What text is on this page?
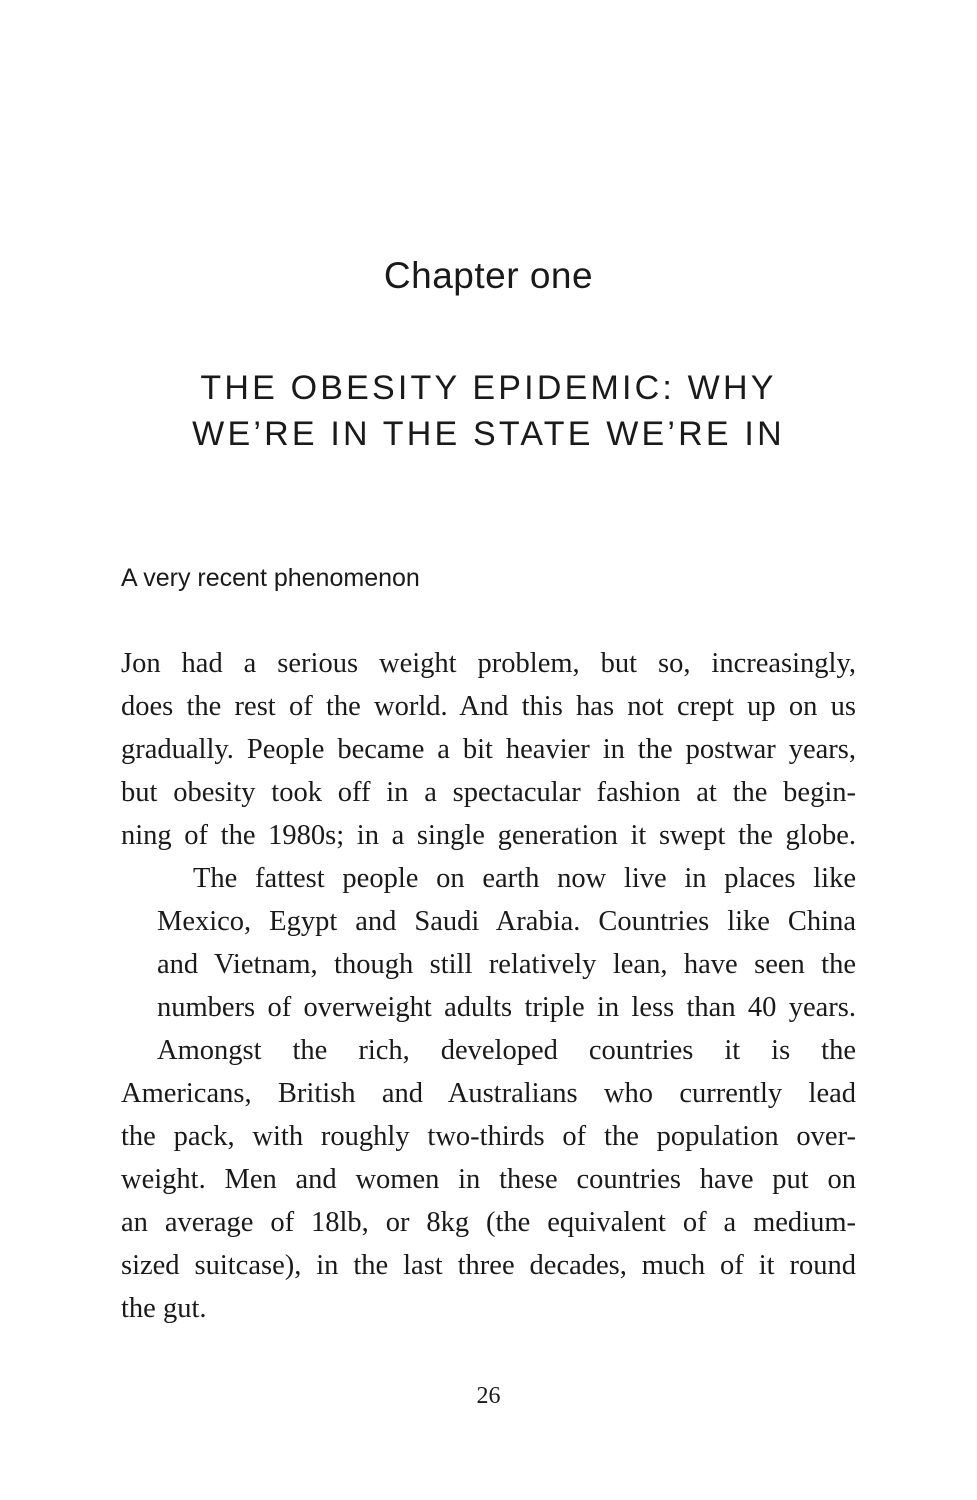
Chapter one
THE OBESITY EPIDEMIC: WHY
WE’RE IN THE STATE WE’RE IN
A very recent phenomenon
Jon had a serious weight problem, but so, increasingly,
does the rest of the world. And this has not crept up on us
gradually. People became a bit heavier in the postwar years,
but obesity took off in a spectacular fashion at the begin-
ning of the 1980s; in a single generation it swept the globe.
The fattest people on earth now live in places like
Mexico, Egypt and Saudi Arabia. Countries like China
and Vietnam, though still relatively lean, have seen the
numbers of overweight adults triple in less than 40 years.
Amongst the rich, developed countries it is the
Americans, British and Australians who currently lead
the pack, with roughly two-thirds of the population over-
weight. Men and women in these countries have put on
an average of 18lb, or 8kg (the equivalent of a medium-
sized suitcase), in the last three decades, much of it round
the gut.
26
